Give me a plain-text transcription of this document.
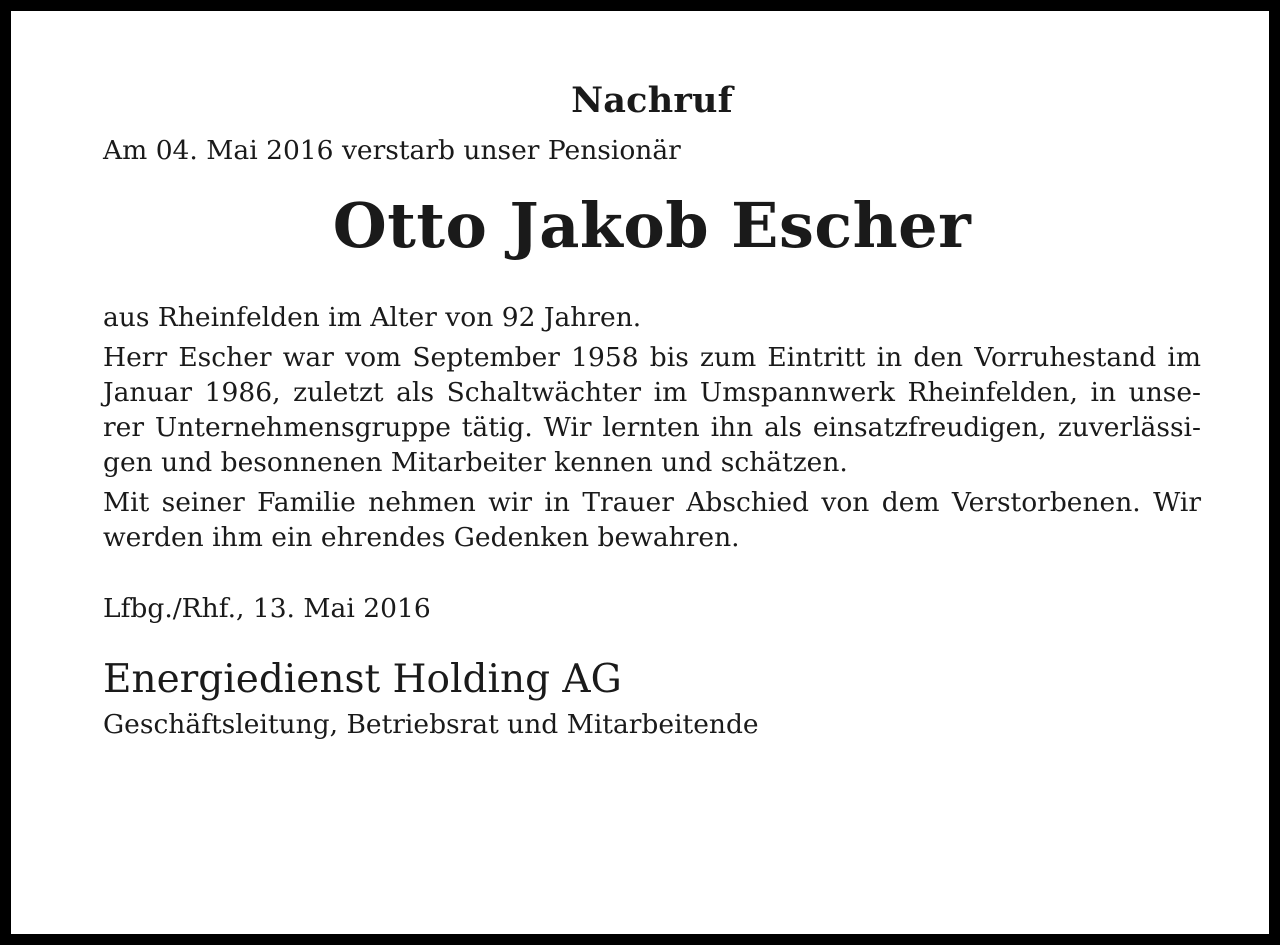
Nachruf

Am 04. Mai 2016 verstarb unser Pensionär

Otto Jakob Escher

aus Rheinfelden im Alter von 92 Jahren.

Herr Escher war vom September 1958 bis zum Eintritt in den Vorruhestand im
Januar 1986, zuletzt als Schaltwächter im Umspannwerk Rheinfelden, in unse-
rer Unternehmensgruppe tätig. Wir lernten ihn als einsatzfreudigen, zuverlässi-
gen und besonnenen Mitarbeiter kennen und schätzen.

Mit seiner Familie nehmen wir in Trauer Abschied von dem Verstorbenen. Wir
werden ihm ein ehrendes Gedenken bewahren.

Lfbg./Rhf., 13. Mai 2016

Energiedienst Holding AG

Geschäftsleitung, Betriebsrat und Mitarbeitende
